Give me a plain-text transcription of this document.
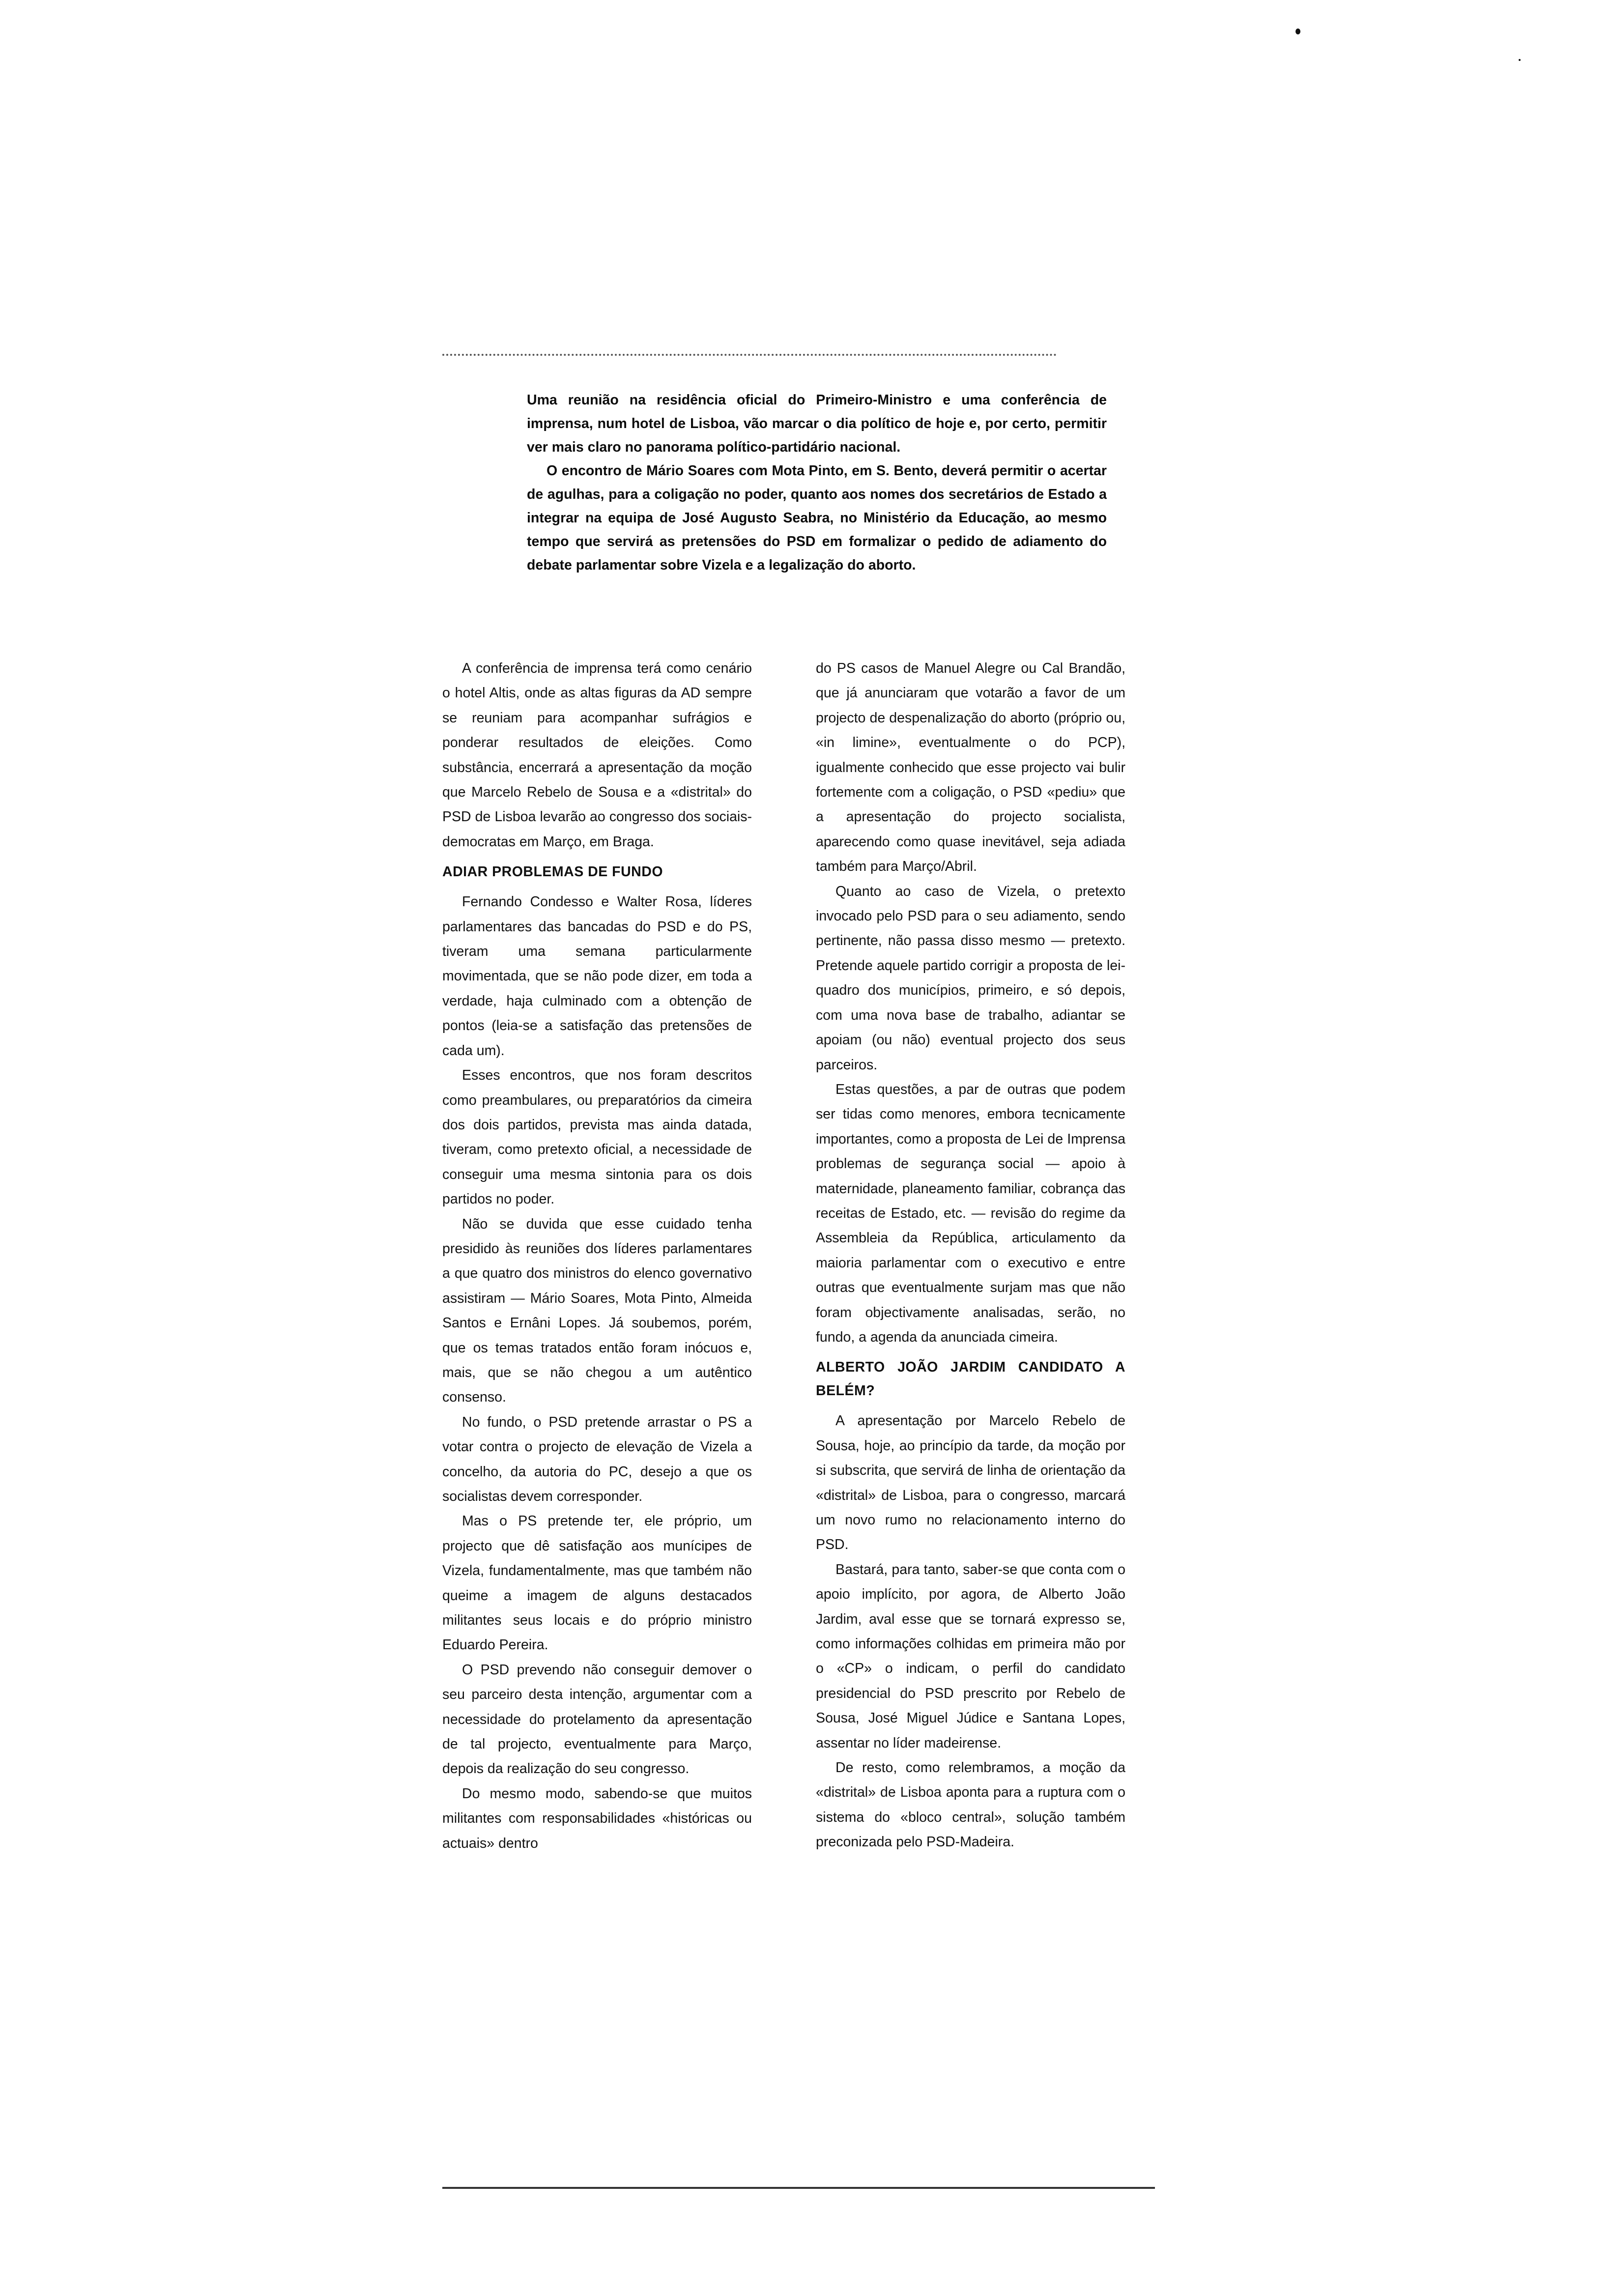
Uma reunião na residência oficial do Primeiro-Ministro e uma conferência de imprensa, num hotel de Lisboa, vão marcar o dia político de hoje e, por certo, permitir ver mais claro no panorama político-partidário nacional.

O encontro de Mário Soares com Mota Pinto, em S. Bento, deverá permitir o acertar de agulhas, para a coligação no poder, quanto aos nomes dos secretários de Estado a integrar na equipa de José Augusto Seabra, no Ministério da Educação, ao mesmo tempo que servirá as pretensões do PSD em formalizar o pedido de adiamento do debate parlamentar sobre Vizela e a legalização do aborto.

A conferência de imprensa terá como cenário o hotel Altis, onde as altas figuras da AD sempre se reuniam para acompanhar sufrágios e ponderar resultados de eleições. Como substância, encerrará a apresentação da moção que Marcelo Rebelo de Sousa e a «distrital» do PSD de Lisboa levarão ao congresso dos sociais-democratas em Março, em Braga.

ADIAR PROBLEMAS DE FUNDO

Fernando Condesso e Walter Rosa, líderes parlamentares das bancadas do PSD e do PS, tiveram uma semana particularmente movimentada, que se não pode dizer, em toda a verdade, haja culminado com a obtenção de pontos (leia-se a satisfação das pretensões de cada um).

Esses encontros, que nos foram descritos como preambulares, ou preparatórios da cimeira dos dois partidos, prevista mas ainda datada, tiveram, como pretexto oficial, a necessidade de conseguir uma mesma sintonia para os dois partidos no poder.

Não se duvida que esse cuidado tenha presidido às reuniões dos líderes parlamentares a que quatro dos ministros do elenco governativo assistiram — Mário Soares, Mota Pinto, Almeida Santos e Ernâni Lopes. Já soubemos, porém, que os temas tratados então foram inócuos e, mais, que se não chegou a um autêntico consenso.

No fundo, o PSD pretende arrastar o PS a votar contra o projecto de elevação de Vizela a concelho, da autoria do PC, desejo a que os socialistas devem corresponder.

Mas o PS pretende ter, ele próprio, um projecto que dê satisfação aos munícipes de Vizela, fundamentalmente, mas que também não queime a imagem de alguns destacados militantes seus locais e do próprio ministro Eduardo Pereira.

O PSD prevendo não conseguir demover o seu parceiro desta intenção, argumentar com a necessidade do protelamento da apresentação de tal projecto, eventualmente para Março, depois da realização do seu congresso.

Do mesmo modo, sabendo-se que muitos militantes com responsabilidades «históricas ou actuais» dentro

do PS casos de Manuel Alegre ou Cal Brandão, que já anunciaram que votarão a favor de um projecto de despenalização do aborto (próprio ou, «in limine», eventualmente o do PCP), igualmente conhecido que esse projecto vai bulir fortemente com a coligação, o PSD «pediu» que a apresentação do projecto socialista, aparecendo como quase inevitável, seja adiada também para Março/Abril.

Quanto ao caso de Vizela, o pretexto invocado pelo PSD para o seu adiamento, sendo pertinente, não passa disso mesmo — pretexto. Pretende aquele partido corrigir a proposta de lei-quadro dos municípios, primeiro, e só depois, com uma nova base de trabalho, adiantar se apoiam (ou não) eventual projecto dos seus parceiros.

Estas questões, a par de outras que podem ser tidas como menores, embora tecnicamente importantes, como a proposta de Lei de Imprensa problemas de segurança social — apoio à maternidade, planeamento familiar, cobrança das receitas de Estado, etc. — revisão do regime da Assembleia da República, articulamento da maioria parlamentar com o executivo e entre outras que eventualmente surjam mas que não foram objectivamente analisadas, serão, no fundo, a agenda da anunciada cimeira.

ALBERTO JOÃO JARDIM CANDIDATO A BELÉM?

A apresentação por Marcelo Rebelo de Sousa, hoje, ao princípio da tarde, da moção por si subscrita, que servirá de linha de orientação da «distrital» de Lisboa, para o congresso, marcará um novo rumo no relacionamento interno do PSD.

Bastará, para tanto, saber-se que conta com o apoio implícito, por agora, de Alberto João Jardim, aval esse que se tornará expresso se, como informações colhidas em primeira mão por o «CP» o indicam, o perfil do candidato presidencial do PSD prescrito por Rebelo de Sousa, José Miguel Júdice e Santana Lopes, assentar no líder madeirense.

De resto, como relembramos, a moção da «distrital» de Lisboa aponta para a ruptura com o sistema do «bloco central», solução também preconizada pelo PSD-Madeira.
